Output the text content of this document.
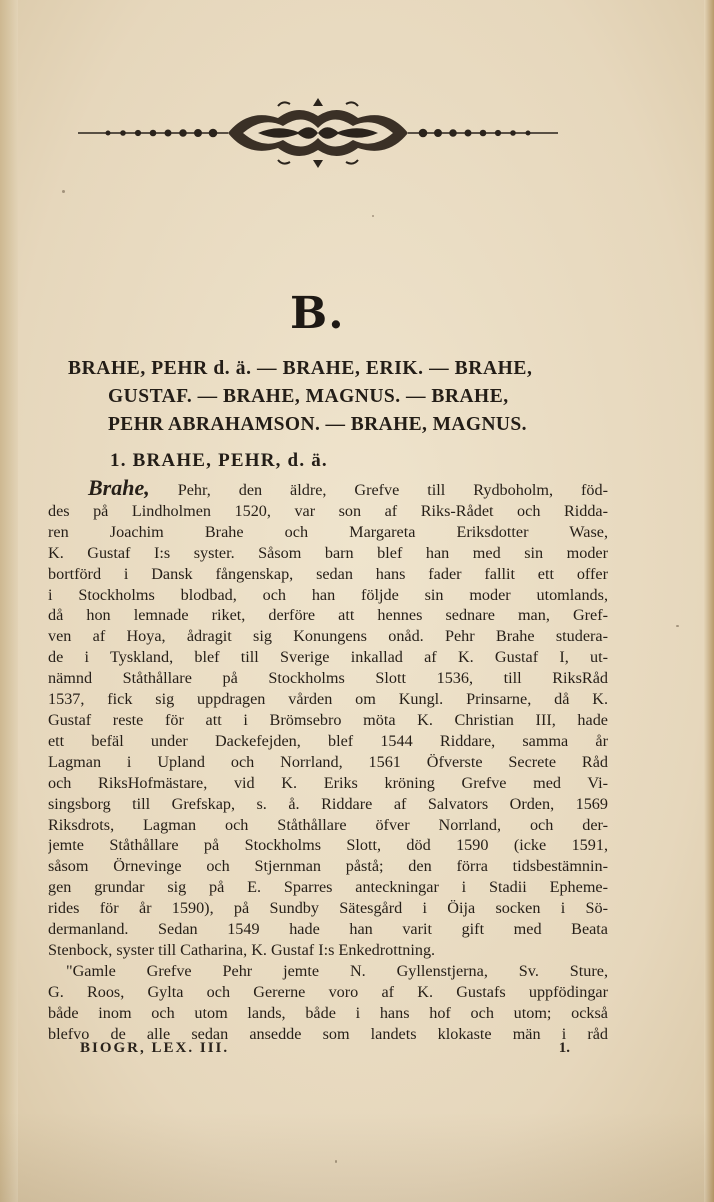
B.
BRAHE, PEHR d. ä. — BRAHE, ERIK. — BRAHE,
GUSTAF. — BRAHE, MAGNUS. — BRAHE,
PEHR ABRAHAMSON. — BRAHE, MAGNUS.
1. BRAHE, PEHR, d. ä.
Brahe, Pehr, den äldre, Grefve till Rydboholm, föd-
des på Lindholmen 1520, var son af Riks-Rådet och Ridda-
ren Joachim Brahe och Margareta Eriksdotter Wase,
K. Gustaf I:s syster. Såsom barn blef han med sin moder
bortförd i Dansk fångenskap, sedan hans fader fallit ett offer
i Stockholms blodbad, och han följde sin moder utomlands,
då hon lemnade riket, derföre att hennes sednare man, Gref-
ven af Hoya, ådragit sig Konungens onåd. Pehr Brahe studera-
de i Tyskland, blef till Sverige inkallad af K. Gustaf I, ut-
nämnd Ståthållare på Stockholms Slott 1536, till RiksRåd
1537, fick sig uppdragen vården om Kungl. Prinsarne, då K.
Gustaf reste för att i Brömsebro möta K. Christian III, hade
ett befäl under Dackefejden, blef 1544 Riddare, samma år
Lagman i Upland och Norrland, 1561 Öfverste Secrete Råd
och RiksHofmästare, vid K. Eriks kröning Grefve med Vi-
singsborg till Grefskap, s. å. Riddare af Salvators Orden, 1569
Riksdrots, Lagman och Ståthållare öfver Norrland, och der-
jemte Ståthållare på Stockholms Slott, död 1590 (icke 1591,
såsom Örnevinge och Stjernman påstå; den förra tidsbestämnin-
gen grundar sig på E. Sparres anteckningar i Stadii Epheme-
rides för år 1590), på Sundby Sätesgård i Öija socken i Sö-
dermanland. Sedan 1549 hade han varit gift med Beata
Stenbock, syster till Catharina, K. Gustaf I:s Enkedrottning.
"Gamle Grefve Pehr jemte N. Gyllenstjerna, Sv. Sture,
G. Roos, Gylta och Gererne voro af K. Gustafs uppfödingar
både inom och utom lands, både i hans hof och utom; också
blefvo de alle sedan ansedde som landets klokaste män i råd
BIOGR, LEX. III.	1.
